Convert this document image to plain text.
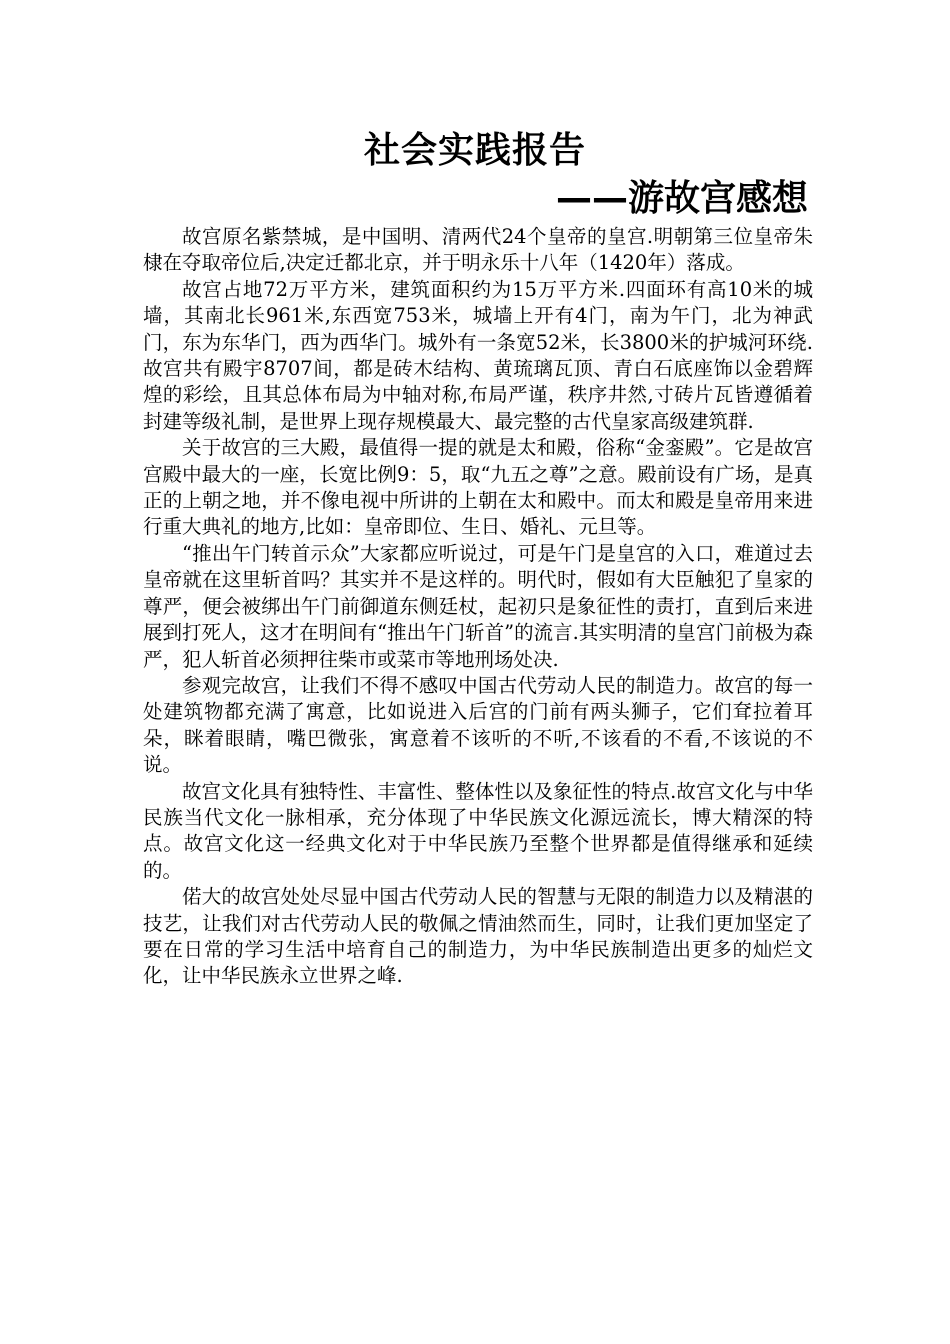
社会实践报告
——游故宫感想

故宫原名紫禁城，是中国明、清两代24个皇帝的皇宫.明朝第三位皇帝朱棣在夺取帝位后,决定迁都北京，并于明永乐十八年（1420年）落成。

故宫占地72万平方米，建筑面积约为15万平方米.四面环有高10米的城墙，其南北长961米,东西宽753米，城墙上开有4门，南为午门，北为神武门，东为东华门，西为西华门。城外有一条宽52米，长3800米的护城河环绕.故宫共有殿宇8707间，都是砖木结构、黄琉璃瓦顶、青白石底座饰以金碧辉煌的彩绘，且其总体布局为中轴对称,布局严谨，秩序井然,寸砖片瓦皆遵循着封建等级礼制，是世界上现存规模最大、最完整的古代皇家高级建筑群.

关于故宫的三大殿，最值得一提的就是太和殿，俗称“金銮殿”。它是故宫宫殿中最大的一座，长宽比例9：5，取“九五之尊”之意。殿前设有广场，是真正的上朝之地，并不像电视中所讲的上朝在太和殿中。而太和殿是皇帝用来进行重大典礼的地方,比如：皇帝即位、生日、婚礼、元旦等。

“推出午门转首示众”大家都应听说过，可是午门是皇宫的入口，难道过去皇帝就在这里斩首吗？其实并不是这样的。明代时，假如有大臣触犯了皇家的尊严，便会被绑出午门前御道东侧廷杖，起初只是象征性的责打，直到后来进展到打死人，这才在明间有“推出午门斩首”的流言.其实明清的皇宫门前极为森严，犯人斩首必须押往柴市或菜市等地刑场处决.

参观完故宫，让我们不得不感叹中国古代劳动人民的制造力。故宫的每一处建筑物都充满了寓意，比如说进入后宫的门前有两头狮子，它们耷拉着耳朵，眯着眼睛，嘴巴微张，寓意着不该听的不听,不该看的不看,不该说的不说。

故宫文化具有独特性、丰富性、整体性以及象征性的特点.故宫文化与中华民族当代文化一脉相承，充分体现了中华民族文化源远流长，博大精深的特点。故宫文化这一经典文化对于中华民族乃至整个世界都是值得继承和延续的。

偌大的故宫处处尽显中国古代劳动人民的智慧与无限的制造力以及精湛的技艺，让我们对古代劳动人民的敬佩之情油然而生，同时，让我们更加坚定了要在日常的学习生活中培育自己的制造力，为中华民族制造出更多的灿烂文化，让中华民族永立世界之峰.
